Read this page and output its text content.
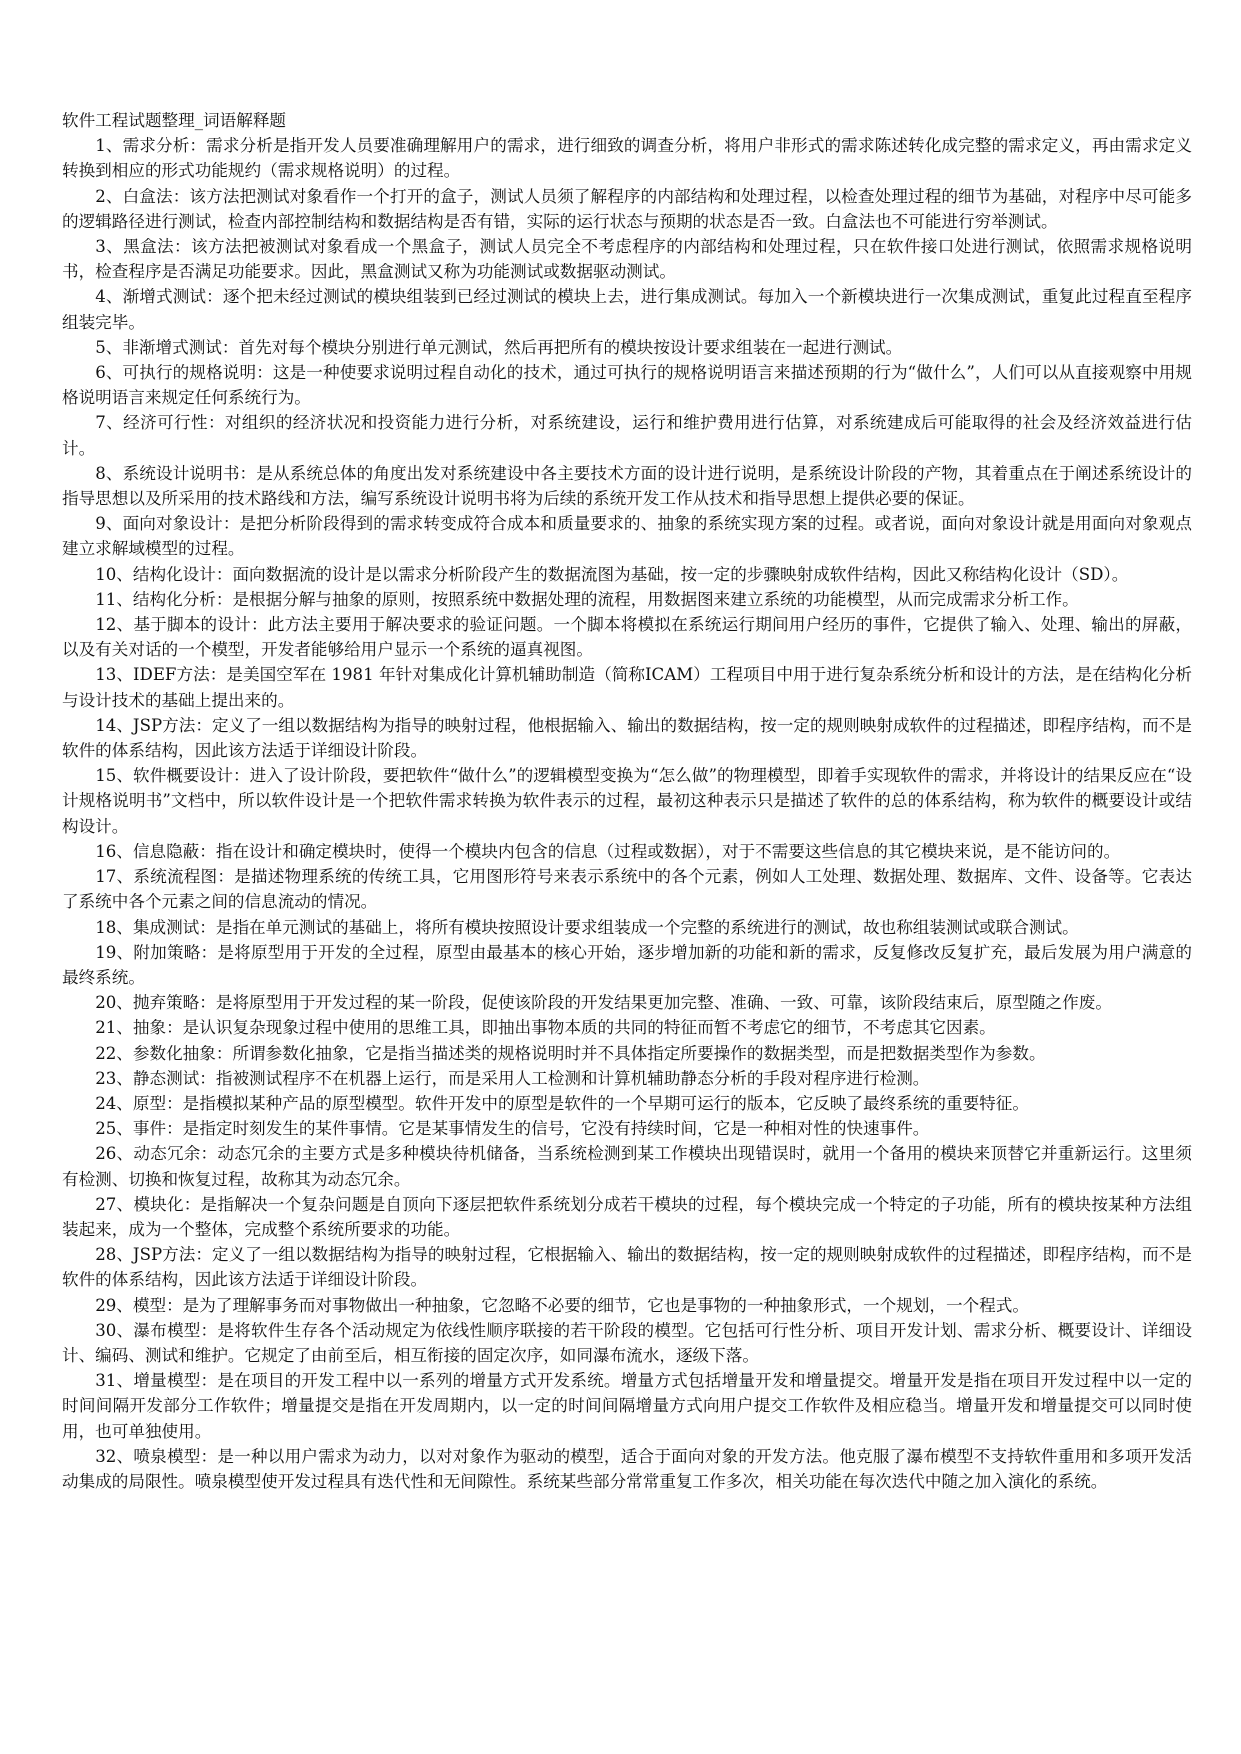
软件工程试题整理_词语解释题

1、需求分析：需求分析是指开发人员要准确理解用户的需求，进行细致的调查分析，将用户非形式的需求陈述转化成完整的需求定义，再由需求定义转换到相应的形式功能规约（需求规格说明）的过程。

2、白盒法：该方法把测试对象看作一个打开的盒子，测试人员须了解程序的内部结构和处理过程，以检查处理过程的细节为基础，对程序中尽可能多的逻辑路径进行测试，检查内部控制结构和数据结构是否有错，实际的运行状态与预期的状态是否一致。白盒法也不可能进行穷举测试。

3、黑盒法：该方法把被测试对象看成一个黑盒子，测试人员完全不考虑程序的内部结构和处理过程，只在软件接口处进行测试，依照需求规格说明书，检查程序是否满足功能要求。因此，黑盒测试又称为功能测试或数据驱动测试。

4、渐增式测试：逐个把未经过测试的模块组装到已经过测试的模块上去，进行集成测试。每加入一个新模块进行一次集成测试，重复此过程直至程序组装完毕。

5、非渐增式测试：首先对每个模块分别进行单元测试，然后再把所有的模块按设计要求组装在一起进行测试。

6、可执行的规格说明：这是一种使要求说明过程自动化的技术，通过可执行的规格说明语言来描述预期的行为“做什么”，人们可以从直接观察中用规格说明语言来规定任何系统行为。

7、经济可行性：对组织的经济状况和投资能力进行分析，对系统建设，运行和维护费用进行估算，对系统建成后可能取得的社会及经济效益进行估计。

8、系统设计说明书：是从系统总体的角度出发对系统建设中各主要技术方面的设计进行说明，是系统设计阶段的产物，其着重点在于阐述系统设计的指导思想以及所采用的技术路线和方法，编写系统设计说明书将为后续的系统开发工作从技术和指导思想上提供必要的保证。

9、面向对象设计：是把分析阶段得到的需求转变成符合成本和质量要求的、抽象的系统实现方案的过程。或者说，面向对象设计就是用面向对象观点建立求解域模型的过程。

10、结构化设计：面向数据流的设计是以需求分析阶段产生的数据流图为基础，按一定的步骤映射成软件结构，因此又称结构化设计（SD）。

11、结构化分析：是根据分解与抽象的原则，按照系统中数据处理的流程，用数据图来建立系统的功能模型，从而完成需求分析工作。

12、基于脚本的设计：此方法主要用于解决要求的验证问题。一个脚本将模拟在系统运行期间用户经历的事件，它提供了输入、处理、输出的屏蔽，以及有关对话的一个模型，开发者能够给用户显示一个系统的逼真视图。

13、IDEF方法：是美国空军在 1981 年针对集成化计算机辅助制造（简称ICAM）工程项目中用于进行复杂系统分析和设计的方法，是在结构化分析与设计技术的基础上提出来的。

14、JSP方法：定义了一组以数据结构为指导的映射过程，他根据输入、输出的数据结构，按一定的规则映射成软件的过程描述，即程序结构，而不是软件的体系结构，因此该方法适于详细设计阶段。

15、软件概要设计：进入了设计阶段，要把软件“做什么”的逻辑模型变换为“怎么做”的物理模型，即着手实现软件的需求，并将设计的结果反应在“设计规格说明书”文档中，所以软件设计是一个把软件需求转换为软件表示的过程，最初这种表示只是描述了软件的总的体系结构，称为软件的概要设计或结构设计。

16、信息隐蔽：指在设计和确定模块时，使得一个模块内包含的信息（过程或数据），对于不需要这些信息的其它模块来说，是不能访问的。

17、系统流程图：是描述物理系统的传统工具，它用图形符号来表示系统中的各个元素，例如人工处理、数据处理、数据库、文件、设备等。它表达了系统中各个元素之间的信息流动的情况。

18、集成测试：是指在单元测试的基础上，将所有模块按照设计要求组装成一个完整的系统进行的测试，故也称组装测试或联合测试。

19、附加策略：是将原型用于开发的全过程，原型由最基本的核心开始，逐步增加新的功能和新的需求，反复修改反复扩充，最后发展为用户满意的最终系统。

20、抛弃策略：是将原型用于开发过程的某一阶段，促使该阶段的开发结果更加完整、准确、一致、可靠，该阶段结束后，原型随之作废。

21、抽象：是认识复杂现象过程中使用的思维工具，即抽出事物本质的共同的特征而暂不考虑它的细节，不考虑其它因素。

22、参数化抽象：所谓参数化抽象，它是指当描述类的规格说明时并不具体指定所要操作的数据类型，而是把数据类型作为参数。

23、静态测试：指被测试程序不在机器上运行，而是采用人工检测和计算机辅助静态分析的手段对程序进行检测。

24、原型：是指模拟某种产品的原型模型。软件开发中的原型是软件的一个早期可运行的版本，它反映了最终系统的重要特征。

25、事件：是指定时刻发生的某件事情。它是某事情发生的信号，它没有持续时间，它是一种相对性的快速事件。

26、动态冗余：动态冗余的主要方式是多种模块待机储备，当系统检测到某工作模块出现错误时，就用一个备用的模块来顶替它并重新运行。这里须有检测、切换和恢复过程，故称其为动态冗余。

27、模块化：是指解决一个复杂问题是自顶向下逐层把软件系统划分成若干模块的过程，每个模块完成一个特定的子功能，所有的模块按某种方法组装起来，成为一个整体，完成整个系统所要求的功能。

28、JSP方法：定义了一组以数据结构为指导的映射过程，它根据输入、输出的数据结构，按一定的规则映射成软件的过程描述，即程序结构，而不是软件的体系结构，因此该方法适于详细设计阶段。

29、模型：是为了理解事务而对事物做出一种抽象，它忽略不必要的细节，它也是事物的一种抽象形式，一个规划，一个程式。

30、瀑布模型：是将软件生存各个活动规定为依线性顺序联接的若干阶段的模型。它包括可行性分析、项目开发计划、需求分析、概要设计、详细设计、编码、测试和维护。它规定了由前至后，相互衔接的固定次序，如同瀑布流水，逐级下落。

31、增量模型：是在项目的开发工程中以一系列的增量方式开发系统。增量方式包括增量开发和增量提交。增量开发是指在项目开发过程中以一定的时间间隔开发部分工作软件；增量提交是指在开发周期内，以一定的时间间隔增量方式向用户提交工作软件及相应稳当。增量开发和增量提交可以同时使用，也可单独使用。

32、喷泉模型：是一种以用户需求为动力，以对对象作为驱动的模型，适合于面向对象的开发方法。他克服了瀑布模型不支持软件重用和多项开发活动集成的局限性。喷泉模型使开发过程具有迭代性和无间隙性。系统某些部分常常重复工作多次，相关功能在每次迭代中随之加入演化的系统。
